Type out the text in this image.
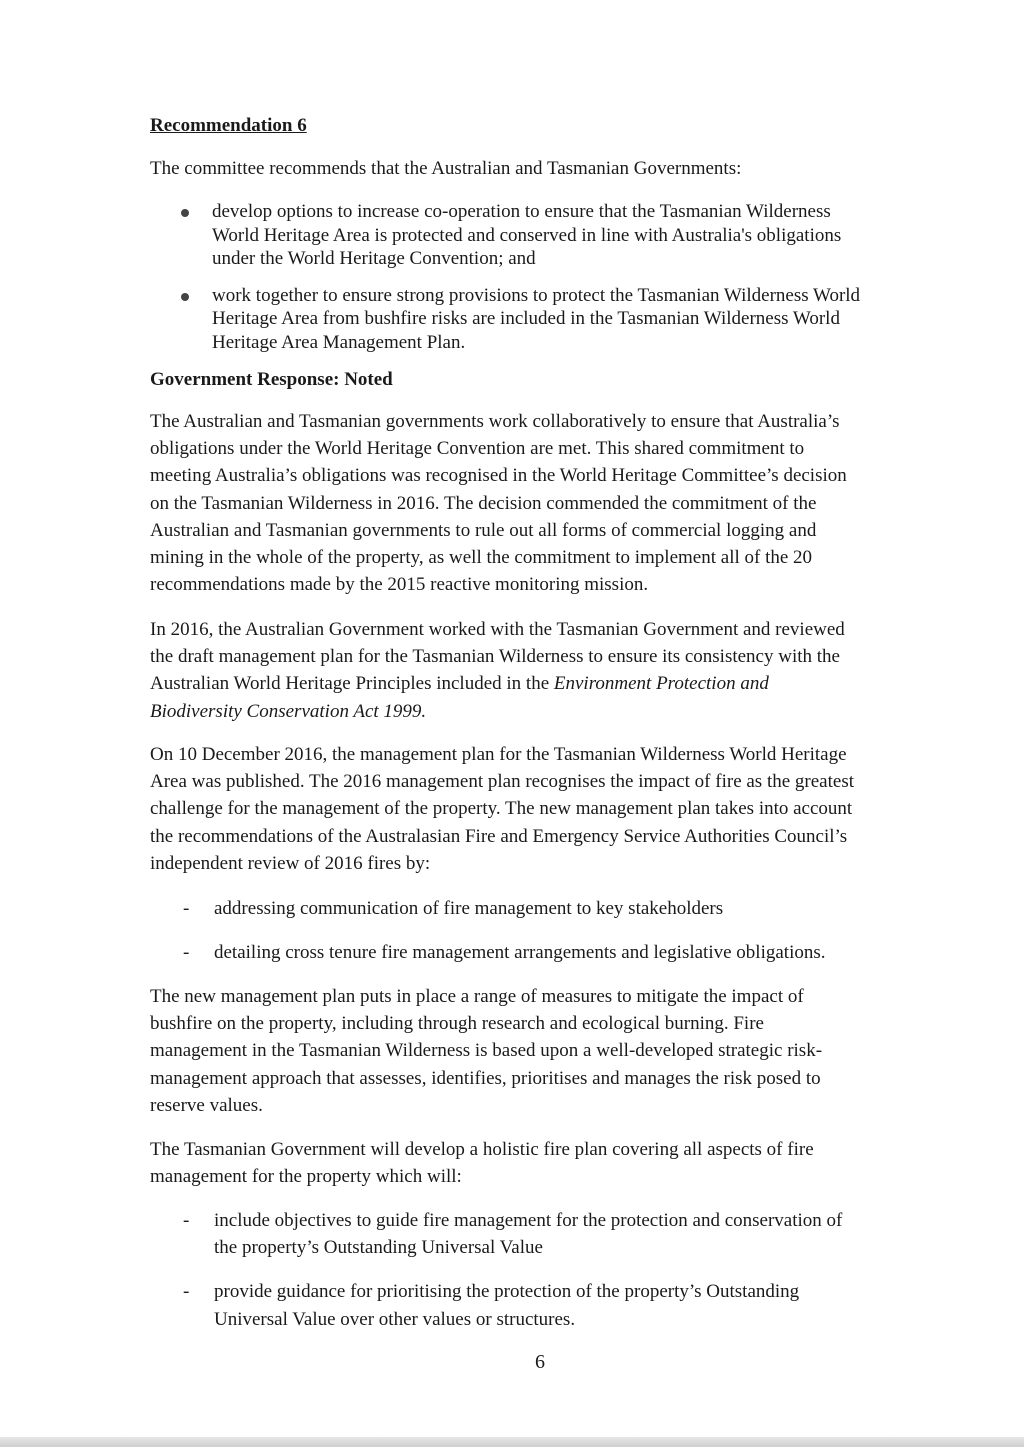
Recommendation 6
The committee recommends that the Australian and Tasmanian Governments:
develop options to increase co-operation to ensure that the Tasmanian Wilderness
World Heritage Area is protected and conserved in line with Australia's obligations
under the World Heritage Convention; and
work together to ensure strong provisions to protect the Tasmanian Wilderness World
Heritage Area from bushfire risks are included in the Tasmanian Wilderness World
Heritage Area Management Plan.
Government Response: Noted
The Australian and Tasmanian governments work collaboratively to ensure that Australia’s
obligations under the World Heritage Convention are met. This shared commitment to
meeting Australia’s obligations was recognised in the World Heritage Committee’s decision
on the Tasmanian Wilderness in 2016. The decision commended the commitment of the
Australian and Tasmanian governments to rule out all forms of commercial logging and
mining in the whole of the property, as well the commitment to implement all of the 20
recommendations made by the 2015 reactive monitoring mission.
In 2016, the Australian Government worked with the Tasmanian Government and reviewed
the draft management plan for the Tasmanian Wilderness to ensure its consistency with the
Australian World Heritage Principles included in the Environment Protection and
Biodiversity Conservation Act 1999.
On 10 December 2016, the management plan for the Tasmanian Wilderness World Heritage
Area was published. The 2016 management plan recognises the impact of fire as the greatest
challenge for the management of the property. The new management plan takes into account
the recommendations of the Australasian Fire and Emergency Service Authorities Council’s
independent review of 2016 fires by:
- addressing communication of fire management to key stakeholders
- detailing cross tenure fire management arrangements and legislative obligations.
The new management plan puts in place a range of measures to mitigate the impact of
bushfire on the property, including through research and ecological burning. Fire
management in the Tasmanian Wilderness is based upon a well-developed strategic risk-
management approach that assesses, identifies, prioritises and manages the risk posed to
reserve values.
The Tasmanian Government will develop a holistic fire plan covering all aspects of fire
management for the property which will:
- include objectives to guide fire management for the protection and conservation of
the property’s Outstanding Universal Value
- provide guidance for prioritising the protection of the property’s Outstanding
Universal Value over other values or structures.
6
